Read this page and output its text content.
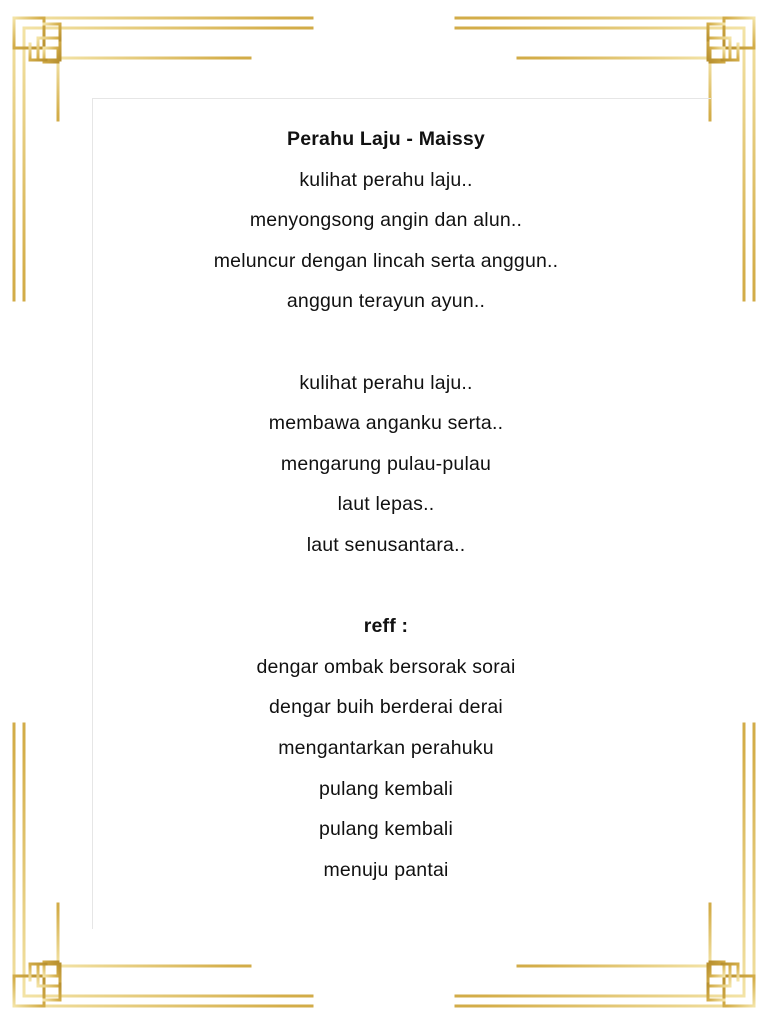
Perahu Laju - Maissy
kulihat perahu laju..
menyongsong angin dan alun..
meluncur dengan lincah serta anggun..
anggun terayun ayun..
kulihat perahu laju..
membawa anganku serta..
mengarung pulau-pulau
laut lepas..
laut senusantara..
reff :
dengar ombak bersorak sorai
dengar buih berderai derai
mengantarkan perahuku
pulang kembali
pulang kembali
menuju pantai
